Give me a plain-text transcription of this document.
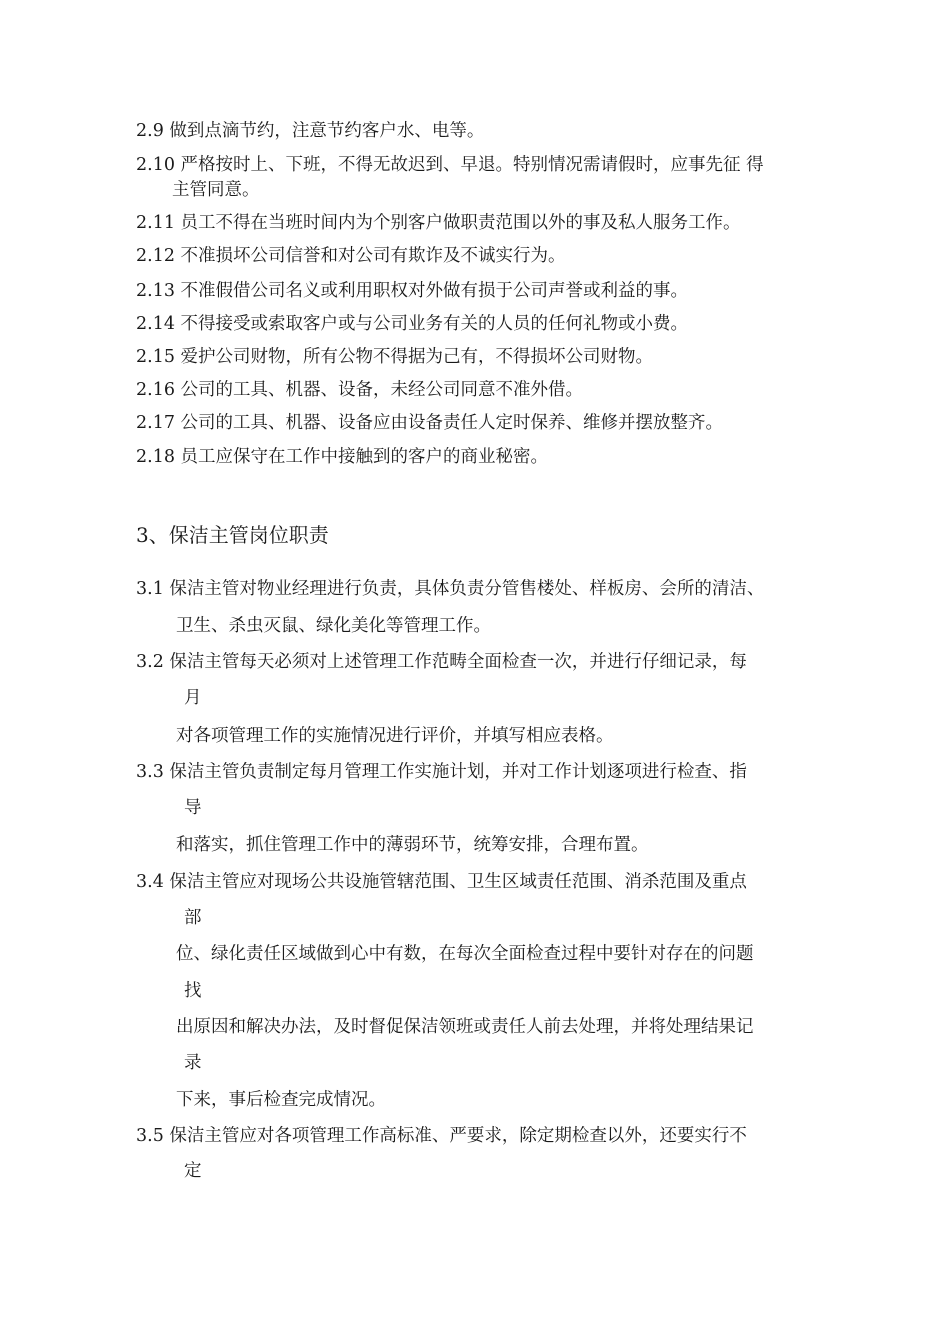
2.9 做到点滴节约，注意节约客户水、电等。
2.10 严格按时上、下班，不得无故迟到、早退。特别情况需请假时，应事先征 得
主管同意。
2.11 员工不得在当班时间内为个别客户做职责范围以外的事及私人服务工作。
2.12 不准损坏公司信誉和对公司有欺诈及不诚实行为。
2.13 不准假借公司名义或利用职权对外做有损于公司声誉或利益的事。
2.14 不得接受或索取客户或与公司业务有关的人员的任何礼物或小费。
2.15 爱护公司财物，所有公物不得据为己有，不得损坏公司财物。
2.16 公司的工具、机器、设备，未经公司同意不准外借。
2.17 公司的工具、机器、设备应由设备责任人定时保养、维修并摆放整齐。
2.18 员工应保守在工作中接触到的客户的商业秘密。
3、保洁主管岗位职责
3.1 保洁主管对物业经理进行负责，具体负责分管售楼处、样板房、会所的清洁、
卫生、杀虫灭鼠、绿化美化等管理工作。
3.2 保洁主管每天必须对上述管理工作范畴全面检查一次，并进行仔细记录，每
月
对各项管理工作的实施情况进行评价，并填写相应表格。
3.3 保洁主管负责制定每月管理工作实施计划，并对工作计划逐项进行检查、指
导
和落实，抓住管理工作中的薄弱环节，统筹安排，合理布置。
3.4 保洁主管应对现场公共设施管辖范围、卫生区域责任范围、消杀范围及重点
部
位、绿化责任区域做到心中有数，在每次全面检查过程中要针对存在的问题
找
出原因和解决办法，及时督促保洁领班或责任人前去处理，并将处理结果记
录
下来，事后检查完成情况。
3.5 保洁主管应对各项管理工作高标准、严要求，除定期检查以外，还要实行不
定
